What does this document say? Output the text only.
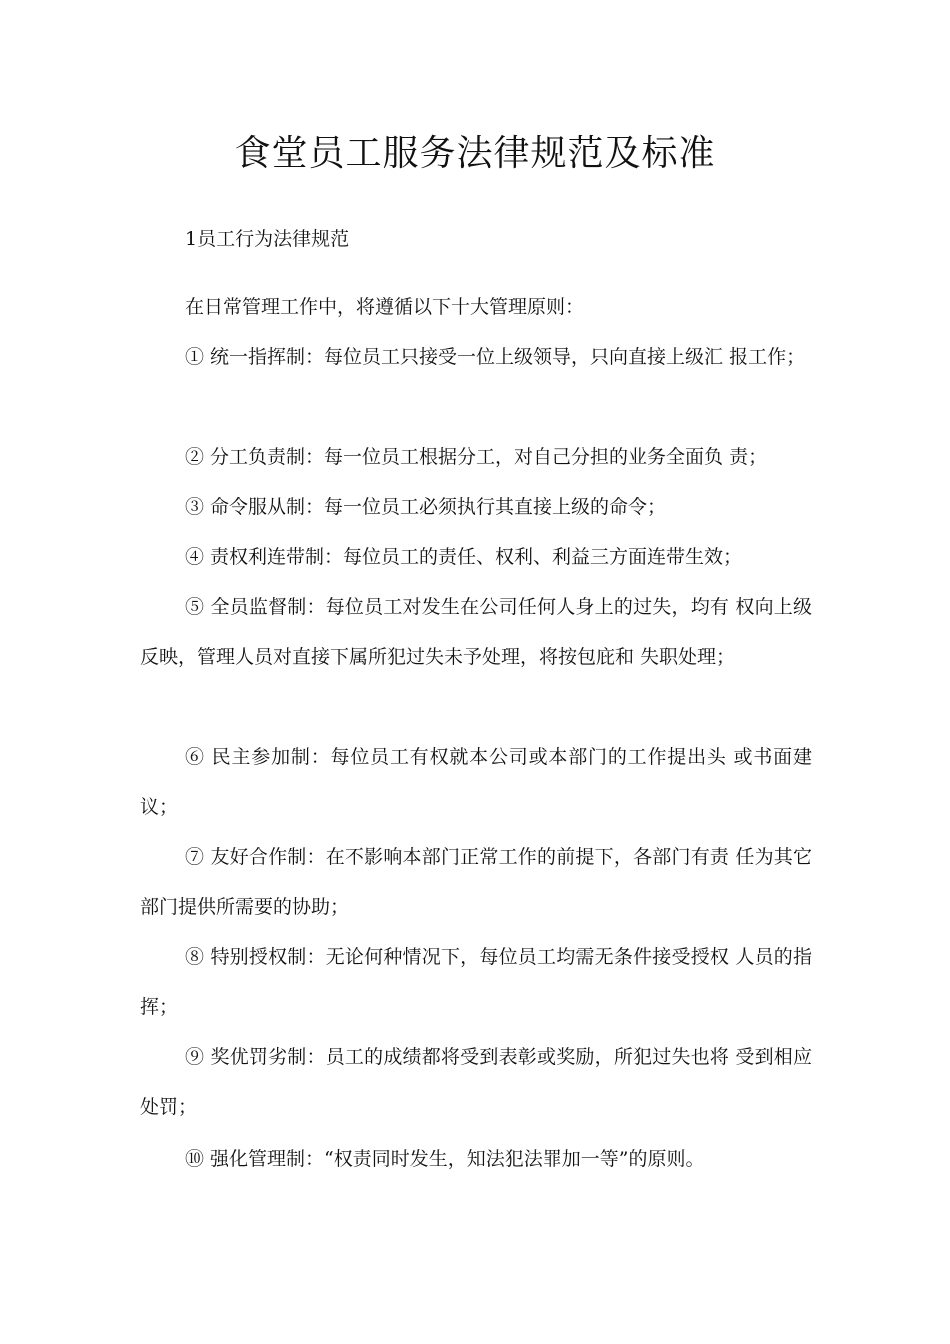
食堂员工服务法律规范及标准
1员工行为法律规范

在日常管理工作中，将遵循以下十大管理原则：

① 统一指挥制：每位员工只接受一位上级领导，只向直接上级汇 报工作；

② 分工负责制：每一位员工根据分工，对自己分担的业务全面负 责；

③ 命令服从制：每一位员工必须执行其直接上级的命令；

④ 责权利连带制：每位员工的责任、权利、利益三方面连带生效；

⑤ 全员监督制：每位员工对发生在公司任何人身上的过失，均有 权向上级反映，管理人员对直接下属所犯过失未予处理，将按包庇和 失职处理；

⑥ 民主参加制：每位员工有权就本公司或本部门的工作提出头 或书面建议；

⑦ 友好合作制：在不影响本部门正常工作的前提下，各部门有责 任为其它部门提供所需要的协助；

⑧ 特别授权制：无论何种情况下，每位员工均需无条件接受授权 人员的指挥；

⑨ 奖优罚劣制：员工的成绩都将受到表彰或奖励，所犯过失也将 受到相应处罚；

⑩ 强化管理制：“权责同时发生，知法犯法罪加一等”的原则。
